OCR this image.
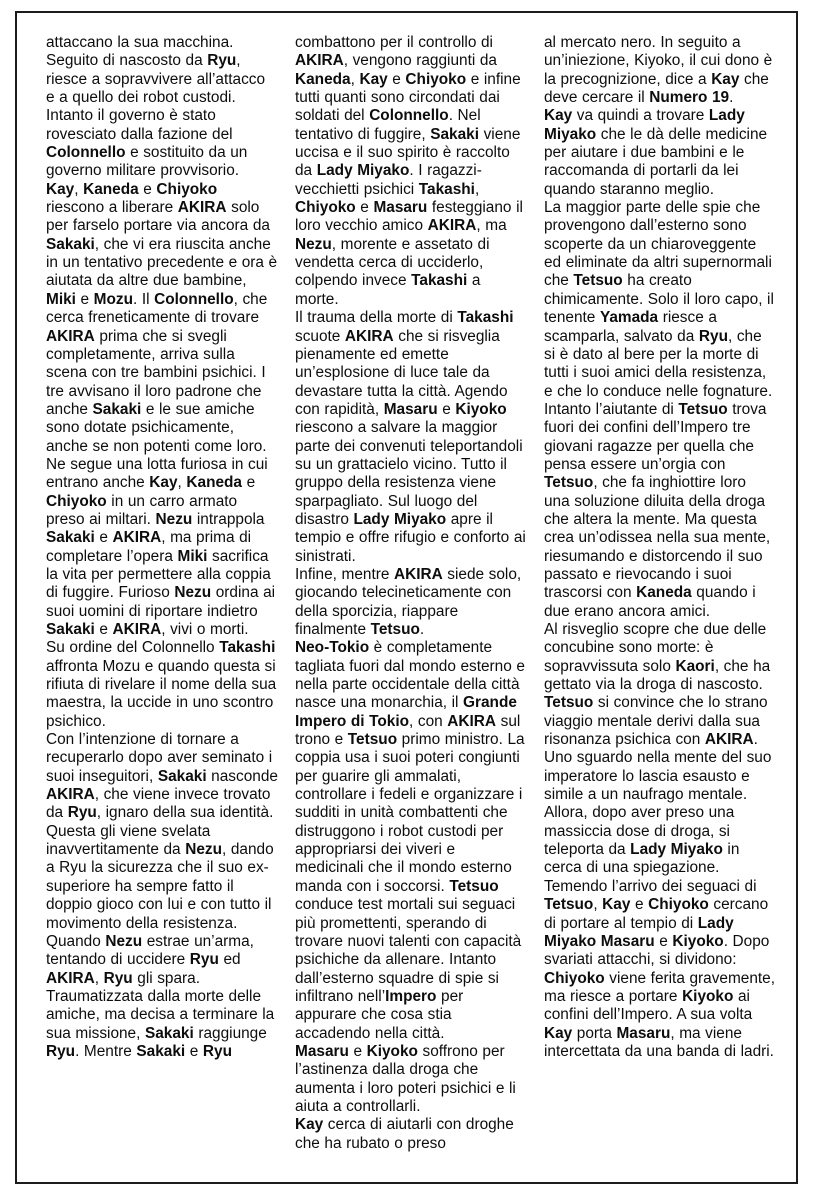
attaccano la sua macchina. Seguito di nascosto da Ryu, riesce a sopravvivere all’attacco e a quello dei robot custodi. Intanto il governo è stato rovesciato dalla fazione del Colonnello e sostituito da un governo militare provvisorio.

Kay, Kaneda e Chiyoko riescono a liberare AKIRA solo per farselo portare via ancora da Sakaki, che vi era riuscita anche in un tentativo precedente e ora è aiutata da altre due bambine, Miki e Mozu. Il Colonnello, che cerca freneticamente di trovare AKIRA prima che si svegli completamente, arriva sulla scena con tre bambini psichici. I tre avvisano il loro padrone che anche Sakaki e le sue amiche sono dotate psichicamente, anche se non potenti come loro.

Ne segue una lotta furiosa in cui entrano anche Kay, Kaneda e Chiyoko in un carro armato preso ai miltari. Nezu intrappola Sakaki e AKIRA, ma prima di completare l’opera Miki sacrifica la vita per permettere alla coppia di fuggire. Furioso Nezu ordina ai suoi uomini di riportare indietro Sakaki e AKIRA, vivi o morti.

Su ordine del Colonnello Takashi affronta Mozu e quando questa si rifiuta di rivelare il nome della sua maestra, la uccide in uno scontro psichico.

Con l’intenzione di tornare a recuperarlo dopo aver seminato i suoi inseguitori, Sakaki nasconde AKIRA, che viene invece trovato da Ryu, ignaro della sua identità. Questa gli viene svelata inavvertitamente da Nezu, dando a Ryu la sicurezza che il suo ex-superiore ha sempre fatto il doppio gioco con lui e con tutto il movimento della resistenza. Quando Nezu estrae un’arma, tentando di uccidere Ryu ed AKIRA, Ryu gli spara.

Traumatizzata dalla morte delle amiche, ma decisa a terminare la sua missione, Sakaki raggiunge Ryu. Mentre Sakaki e Ryu

combattono per il controllo di AKIRA, vengono raggiunti da Kaneda, Kay e Chiyoko e infine tutti quanti sono circondati dai soldati del Colonnello. Nel tentativo di fuggire, Sakaki viene uccisa e il suo spirito è raccolto da Lady Miyako. I ragazzi-vecchietti psichici Takashi, Chiyoko e Masaru festeggiano il loro vecchio amico AKIRA, ma Nezu, morente e assetato di vendetta cerca di ucciderlo, colpendo invece Takashi a morte.

Il trauma della morte di Takashi scuote AKIRA che si risveglia pienamente ed emette un’esplosione di luce tale da devastare tutta la città. Agendo con rapidità, Masaru e Kiyoko riescono a salvare la maggior parte dei convenuti teleportandoli su un grattacielo vicino. Tutto il gruppo della resistenza viene sparpagliato. Sul luogo del disastro Lady Miyako apre il tempio e offre rifugio e conforto ai sinistrati.

Infine, mentre AKIRA siede solo, giocando telecineticamente con della sporcizia, riappare finalmente Tetsuo.

Neo-Tokio è completamente tagliata fuori dal mondo esterno e nella parte occidentale della città nasce una monarchia, il Grande Impero di Tokio, con AKIRA sul trono e Tetsuo primo ministro. La coppia usa i suoi poteri congiunti per guarire gli ammalati, controllare i fedeli e organizzare i sudditi in unità combattenti che distruggono i robot custodi per appropriarsi dei viveri e medicinali che il mondo esterno manda con i soccorsi. Tetsuo conduce test mortali sui seguaci più promettenti, sperando di trovare nuovi talenti con capacità psichiche da allenare. Intanto dall’esterno squadre di spie si infiltrano nell’Impero per appurare che cosa stia accadendo nella città.

Masaru e Kiyoko soffrono per l’astinenza dalla droga che aumenta i loro poteri psichici e li aiuta a controllarli.

Kay cerca di aiutarli con droghe che ha rubato o preso

al mercato nero. In seguito a un’iniezione, Kiyoko, il cui dono è la precognizione, dice a Kay che deve cercare il Numero 19.

Kay va quindi a trovare Lady Miyako che le dà delle medicine per aiutare i due bambini e le raccomanda di portarli da lei quando staranno meglio.

La maggior parte delle spie che provengono dall’esterno sono scoperte da un chiaroveggente ed eliminate da altri supernormali che Tetsuo ha creato chimicamente. Solo il loro capo, il tenente Yamada riesce a scamparla, salvato da Ryu, che si è dato al bere per la morte di tutti i suoi amici della resistenza, e che lo conduce nelle fognature.

Intanto l’aiutante di Tetsuo trova fuori dei confini dell’Impero tre giovani ragazze per quella che pensa essere un’orgia con Tetsuo, che fa inghiottire loro una soluzione diluita della droga che altera la mente. Ma questa crea un’odissea nella sua mente, riesumando e distorcendo il suo passato e rievocando i suoi trascorsi con Kaneda quando i due erano ancora amici.

Al risveglio scopre che due delle concubine sono morte: è sopravvissuta solo Kaori, che ha gettato via la droga di nascosto.

Tetsuo si convince che lo strano viaggio mentale derivi dalla sua risonanza psichica con AKIRA. Uno sguardo nella mente del suo imperatore lo lascia esausto e simile a un naufrago mentale. Allora, dopo aver preso una massiccia dose di droga, si teleporta da Lady Miyako in cerca di una spiegazione. Temendo l’arrivo dei seguaci di Tetsuo, Kay e Chiyoko cercano di portare al tempio di Lady Miyako Masaru e Kiyoko. Dopo svariati attacchi, si dividono: Chiyoko viene ferita gravemente, ma riesce a portare Kiyoko ai confini dell’Impero. A sua volta Kay porta Masaru, ma viene intercettata da una banda di ladri.
